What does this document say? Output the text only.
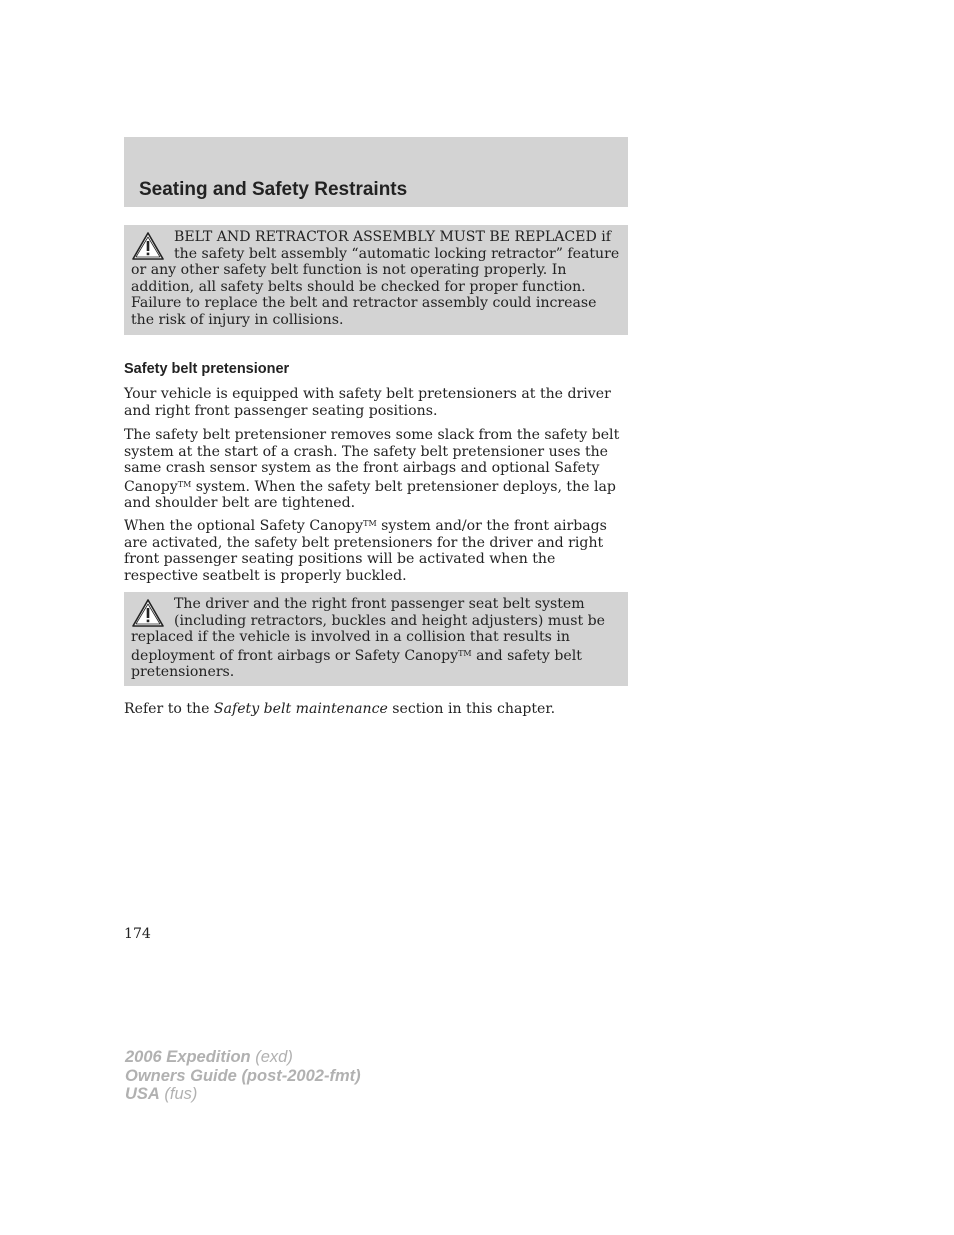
Seating and Safety Restraints

BELT AND RETRACTOR ASSEMBLY MUST BE REPLACED if the safety belt assembly “automatic locking retractor” feature or any other safety belt function is not operating properly. In addition, all safety belts should be checked for proper function. Failure to replace the belt and retractor assembly could increase the risk of injury in collisions.

Safety belt pretensioner

Your vehicle is equipped with safety belt pretensioners at the driver and right front passenger seating positions.

The safety belt pretensioner removes some slack from the safety belt system at the start of a crash. The safety belt pretensioner uses the same crash sensor system as the front airbags and optional Safety Canopy™ system. When the safety belt pretensioner deploys, the lap and shoulder belt are tightened.

When the optional Safety Canopy™ system and/or the front airbags are activated, the safety belt pretensioners for the driver and right front passenger seating positions will be activated when the respective seatbelt is properly buckled.

The driver and the right front passenger seat belt system (including retractors, buckles and height adjusters) must be replaced if the vehicle is involved in a collision that results in deployment of front airbags or Safety Canopy™ and safety belt pretensioners.

Refer to the Safety belt maintenance section in this chapter.

174

2006 Expedition (exd)
Owners Guide (post-2002-fmt)
USA (fus)
